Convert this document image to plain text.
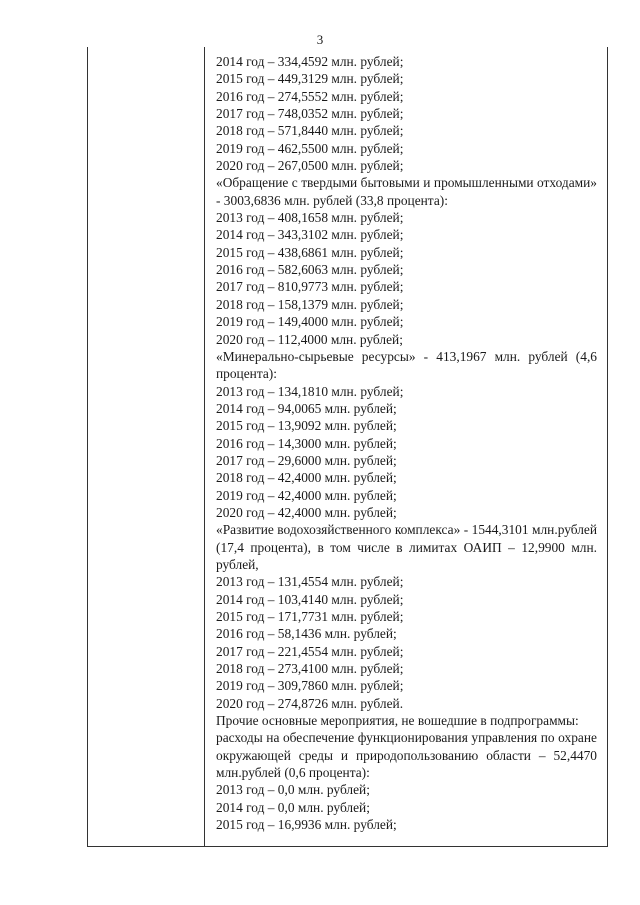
3

2014 год – 334,4592 млн. рублей;

2015 год – 449,3129 млн. рублей;

2016 год – 274,5552 млн. рублей;

2017 год – 748,0352 млн. рублей;

2018 год – 571,8440 млн. рублей;

2019 год – 462,5500 млн. рублей;

2020 год – 267,0500 млн. рублей;

«Обращение с твердыми бытовыми и промышленными отходами» - 3003,6836 млн. рублей (33,8 процента):

2013 год – 408,1658 млн. рублей;

2014 год – 343,3102 млн. рублей;

2015 год – 438,6861 млн. рублей;

2016 год – 582,6063 млн. рублей;

2017 год – 810,9773 млн. рублей;

2018 год – 158,1379 млн. рублей;

2019 год – 149,4000 млн. рублей;

2020 год – 112,4000 млн. рублей;

«Минерально-сырьевые ресурсы» - 413,1967 млн. рублей (4,6 процента):

2013 год – 134,1810 млн. рублей;

2014 год – 94,0065 млн. рублей;

2015 год – 13,9092 млн. рублей;

2016 год – 14,3000 млн. рублей;

2017 год – 29,6000 млн. рублей;

2018 год – 42,4000 млн. рублей;

2019 год – 42,4000 млн. рублей;

2020 год – 42,4000 млн. рублей;

«Развитие водохозяйственного комплекса» - 1544,3101 млн.рублей (17,4 процента), в том числе в лимитах ОАИП – 12,9900 млн. рублей,

2013 год – 131,4554 млн. рублей;

2014 год – 103,4140 млн. рублей;

2015 год – 171,7731 млн. рублей;

2016 год – 58,1436 млн. рублей;

2017 год – 221,4554 млн. рублей;

2018 год – 273,4100 млн. рублей;

2019 год – 309,7860 млн. рублей;

2020 год – 274,8726 млн. рублей.

Прочие основные мероприятия, не вошедшие в подпрограммы:

расходы на обеспечение функционирования управления по охране окружающей среды и природопользованию области – 52,4470 млн.рублей (0,6 процента):

2013 год – 0,0 млн. рублей;

2014 год – 0,0 млн. рублей;

2015 год – 16,9936 млн. рублей;
